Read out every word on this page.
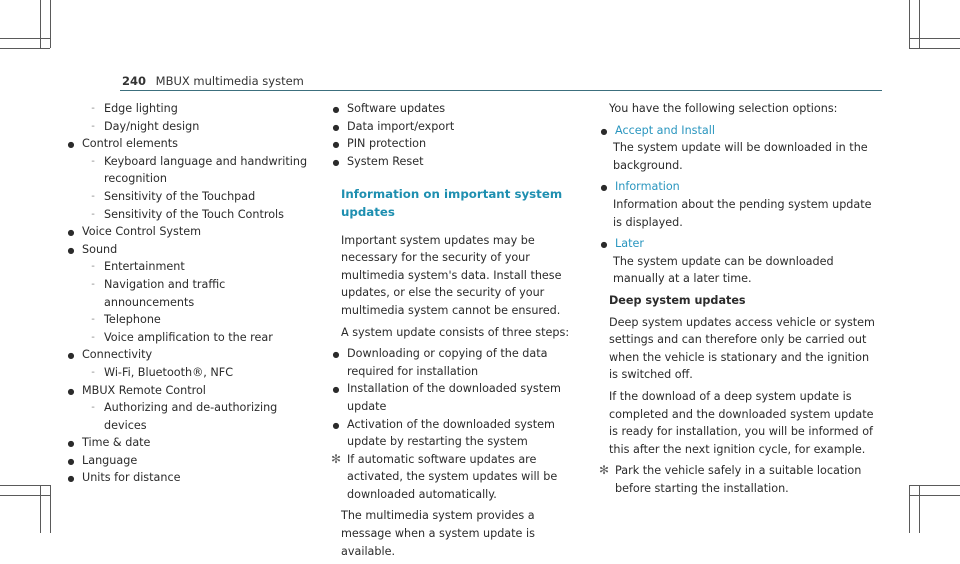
240 MBUX multimedia system
- Edge lighting
- Day/night design
● Control elements
- Keyboard language and handwriting recognition
- Sensitivity of the Touchpad
- Sensitivity of the Touch Controls
● Voice Control System
● Sound
- Entertainment
- Navigation and traffic announcements
- Telephone
- Voice amplification to the rear
● Connectivity
- Wi-Fi, Bluetooth®, NFC
● MBUX Remote Control
- Authorizing and de-authorizing devices
● Time & date
● Language
● Units for distance
● Software updates
● Data import/export
● PIN protection
● System Reset
Information on important system updates
Important system updates may be necessary for the security of your multimedia system's data. Install these updates, or else the security of your multimedia system cannot be ensured.
A system update consists of three steps:
● Downloading or copying of the data required for installation
● Installation of the downloaded system update
● Activation of the downloaded system update by restarting the system
✻ If automatic software updates are activated, the system updates will be downloaded automatically.
The multimedia system provides a message when a system update is available.
You have the following selection options:
● Accept and Install
The system update will be downloaded in the background.
● Information
Information about the pending system update is displayed.
● Later
The system update can be downloaded manually at a later time.
Deep system updates
Deep system updates access vehicle or system settings and can therefore only be carried out when the vehicle is stationary and the ignition is switched off.
If the download of a deep system update is completed and the downloaded system update is ready for installation, you will be informed of this after the next ignition cycle, for example.
✻ Park the vehicle safely in a suitable location before starting the installation.
